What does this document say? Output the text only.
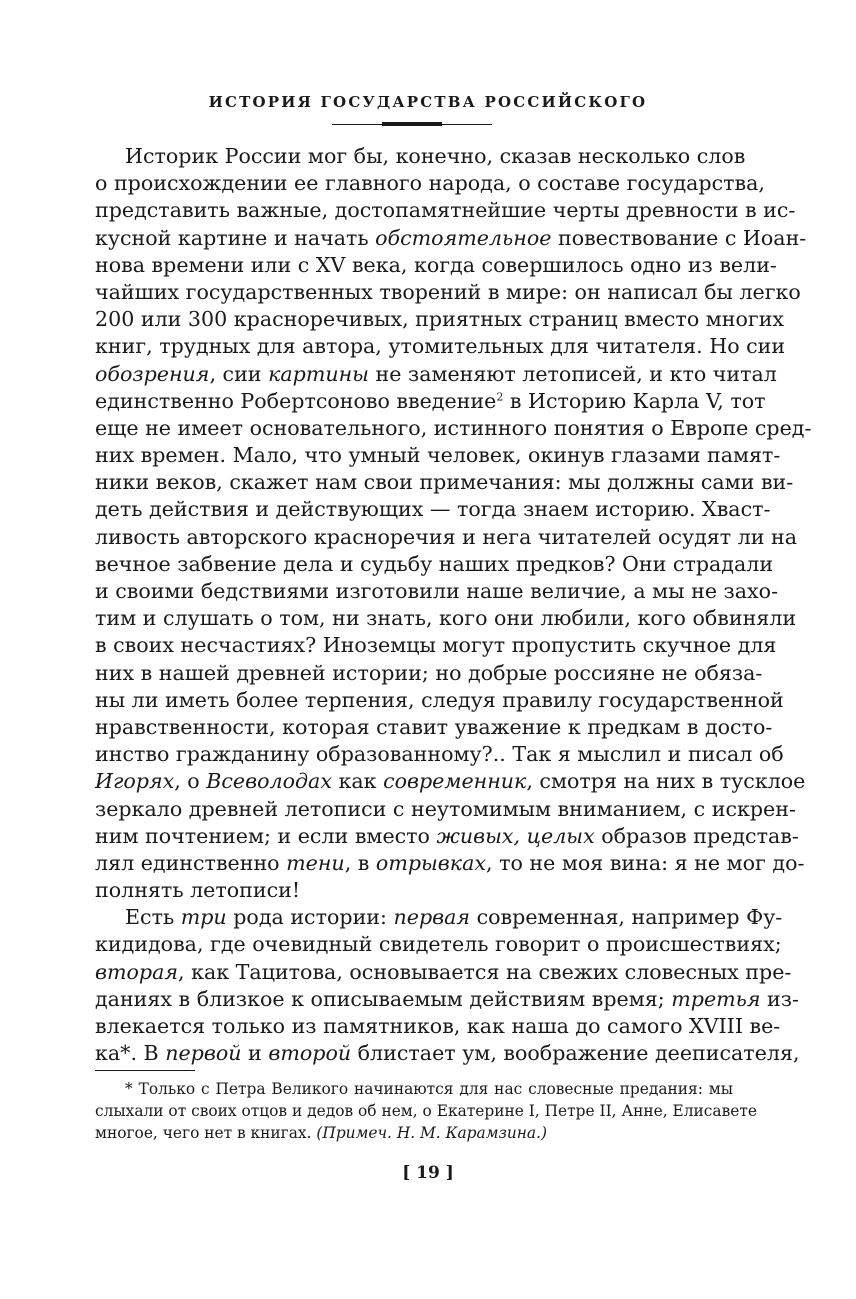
ИСТОРИЯ ГОСУДАРСТВА РОССИЙСКОГО
Историк России мог бы, конечно, сказав несколько слов
о происхождении ее главного народа, о составе государства,
представить важные, достопамятнейшие черты древности в ис-
кусной картине и начать обстоятельное повествование с Иоан-
нова времени или с XV века, когда совершилось одно из вели-
чайших государственных творений в мире: он написал бы легко
200 или 300 красноречивых, приятных страниц вместо многих
книг, трудных для автора, утомительных для читателя. Но сии
обозрения, сии картины не заменяют летописей, и кто читал
единственно Робертсоново введение$^2$ в Историю Карла V, тот
еще не имеет основательного, истинного понятия о Европе сред-
них времен. Мало, что умный человек, окинув глазами памят-
ники веков, скажет нам свои примечания: мы должны сами ви-
деть действия и действующих — тогда знаем историю. Хваст-
ливость авторского красноречия и нега читателей осудят ли на
вечное забвение дела и судьбу наших предков? Они страдали
и своими бедствиями изготовили наше величие, а мы не захо-
тим и слушать о том, ни знать, кого они любили, кого обвиняли
в своих несчастиях? Иноземцы могут пропустить скучное для
них в нашей древней истории; но добрые россияне не обяза-
ны ли иметь более терпения, следуя правилу государственной
нравственности, которая ставит уважение к предкам в досто-
инство гражданину образованному?.. Так я мыслил и писал об
Игорях, о Всеволодах как современник, смотря на них в тусклое
зеркало древней летописи с неутомимым вниманием, с искрен-
ним почтением; и если вместо живых, целых образов представ-
лял единственно тени, в отрывках, то не моя вина: я не мог до-
полнять летописи!
Есть три рода истории: первая современная, например Фу-
кидидова, где очевидный свидетель говорит о происшествиях;
вторая, как Тацитова, основывается на свежих словесных пре-
даниях в близкое к описываемым действиям время; третья из-
влекается только из памятников, как наша до самого XVIII ве-
ка*. В первой и второй блистает ум, воображение дееписателя,
* Только с Петра Великого начинаются для нас словесные предания: мы
слыхали от своих отцов и дедов об нем, о Екатерине I, Петре II, Анне, Елисавете
многое, чего нет в книгах. (Примеч. Н. М. Карамзина.)
[ 19 ]
